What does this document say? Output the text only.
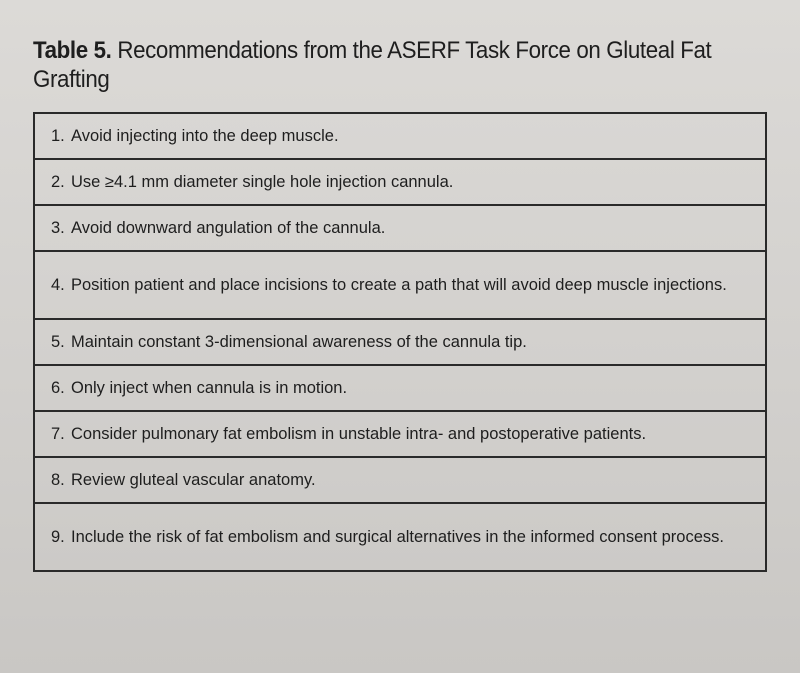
Table 5. Recommendations from the ASERF Task Force on Gluteal Fat Grafting
1. Avoid injecting into the deep muscle.

2. Use ≥4.1 mm diameter single hole injection cannula.

3. Avoid downward angulation of the cannula.

4. Position patient and place incisions to create a path that will avoid deep muscle injections.

5. Maintain constant 3-dimensional awareness of the cannula tip.

6. Only inject when cannula is in motion.

7. Consider pulmonary fat embolism in unstable intra- and postoperative patients.

8. Review gluteal vascular anatomy.

9. Include the risk of fat embolism and surgical alternatives in the informed consent process.
